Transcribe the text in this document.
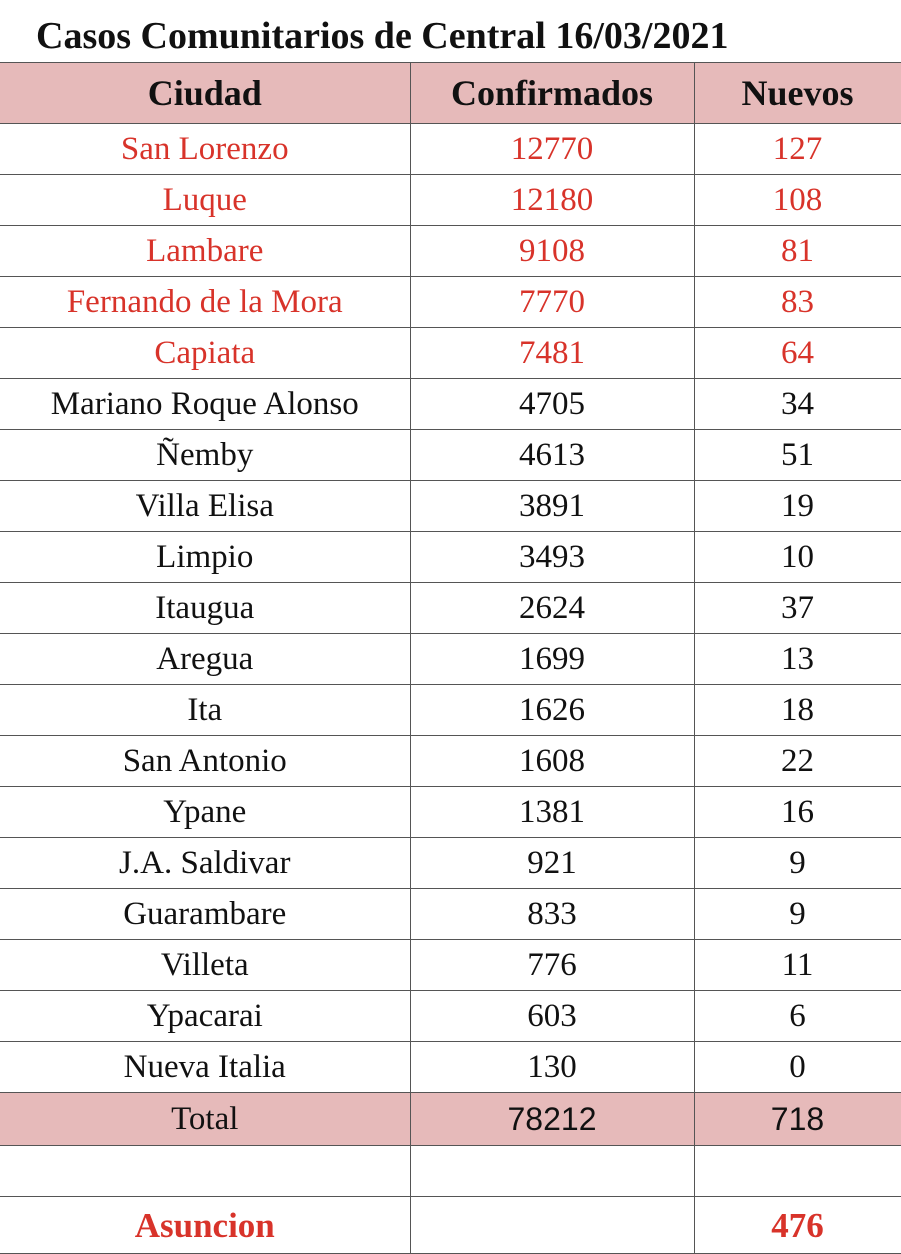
Casos Comunitarios de Central 16/03/2021
Ciudad	Confirmados	Nuevos
San Lorenzo	12770	127
Luque	12180	108
Lambare	9108	81
Fernando de la Mora	7770	83
Capiata	7481	64
Mariano Roque Alonso	4705	34
Ñemby	4613	51
Villa Elisa	3891	19
Limpio	3493	10
Itaugua	2624	37
Aregua	1699	13
Ita	1626	18
San Antonio	1608	22
Ypane	1381	16
J.A. Saldivar	921	9
Guarambare	833	9
Villeta	776	11
Ypacarai	603	6
Nueva Italia	130	0
Total	78212	718

Asuncion		476
